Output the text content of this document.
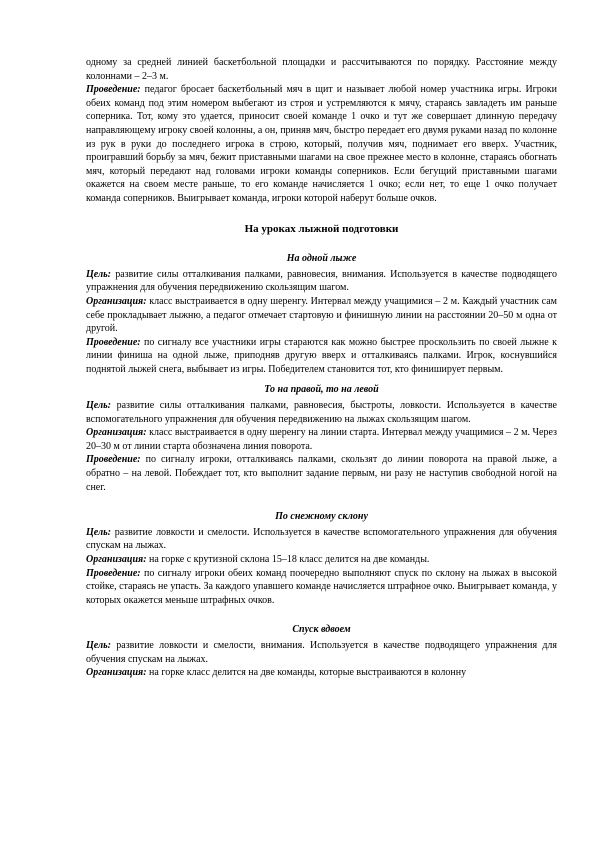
одному за средней линией баскетбольной площадки и рассчитываются по порядку. Расстояние между колоннами – 2–3 м.

Проведение: педагог бросает баскетбольный мяч в щит и называет любой номер участника игры. Игроки обеих команд под этим номером выбегают из строя и устремляются к мячу, стараясь завладеть им раньше соперника. Тот, кому это удается, приносит своей команде 1 очко и тут же совершает длинную передачу направляющему игроку своей колонны, а он, приняв мяч, быстро передает его двумя руками назад по колонне из рук в руки до последнего игрока в строю, который, получив мяч, поднимает его вверх. Участник, проигравший борьбу за мяч, бежит приставными шагами на свое прежнее место в колонне, стараясь обогнать мяч, который передают над головами игроки команды соперников. Если бегущий приставными шагами окажется на своем месте раньше, то его команде начисляется 1 очко; если нет, то еще 1 очко получает команда соперников. Выигрывает команда, игроки которой наберут больше очков.

На уроках лыжной подготовки
На одной лыже

Цель: развитие силы отталкивания палками, равновесия, внимания. Используется в качестве подводящего упражнения для обучения передвижению скользящим шагом.

Организация: класс выстраивается в одну шеренгу. Интервал между учащимися – 2 м. Каждый участник сам себе прокладывает лыжню, а педагог отмечает стартовую и финишную линии на расстоянии 20–50 м одна от другой.

Проведение: по сигналу все участники игры стараются как можно быстрее проскользить по своей лыжне к линии финиша на одной лыже, приподняв другую вверх и отталкиваясь палками. Игрок, коснувшийся поднятой лыжей снега, выбывает из игры. Победителем становится тот, кто финиширует первым.

То на правой, то на левой

Цель: развитие силы отталкивания палками, равновесия, быстроты, ловкости. Используется в качестве вспомогательного упражнения для обучения передвижению на лыжах скользящим шагом.

Организация: класс выстраивается в одну шеренгу на линии старта. Интервал между учащимися – 2 м. Через 20–30 м от линии старта обозначена линия поворота.

Проведение: по сигналу игроки, отталкиваясь палками, скользят до линии поворота на правой лыже, а обратно – на левой. Побеждает тот, кто выполнит задание первым, ни разу не наступив свободной ногой на снег.

По снежному склону

Цель: развитие ловкости и смелости. Используется в качестве вспомогательного упражнения для обучения спускам на лыжах.

Организация: на горке с крутизной склона 15–18 класс делится на две команды.

Проведение: по сигналу игроки обеих команд поочередно выполняют спуск по склону на лыжах в высокой стойке, стараясь не упасть. За каждого упавшего команде начисляется штрафное очко. Выигрывает команда, у которых окажется меньше штрафных очков.

Спуск вдвоем

Цель: развитие ловкости и смелости, внимания. Используется в качестве подводящего упражнения для обучения спускам на лыжах.

Организация: на горке класс делится на две команды, которые выстраиваются в колонну
